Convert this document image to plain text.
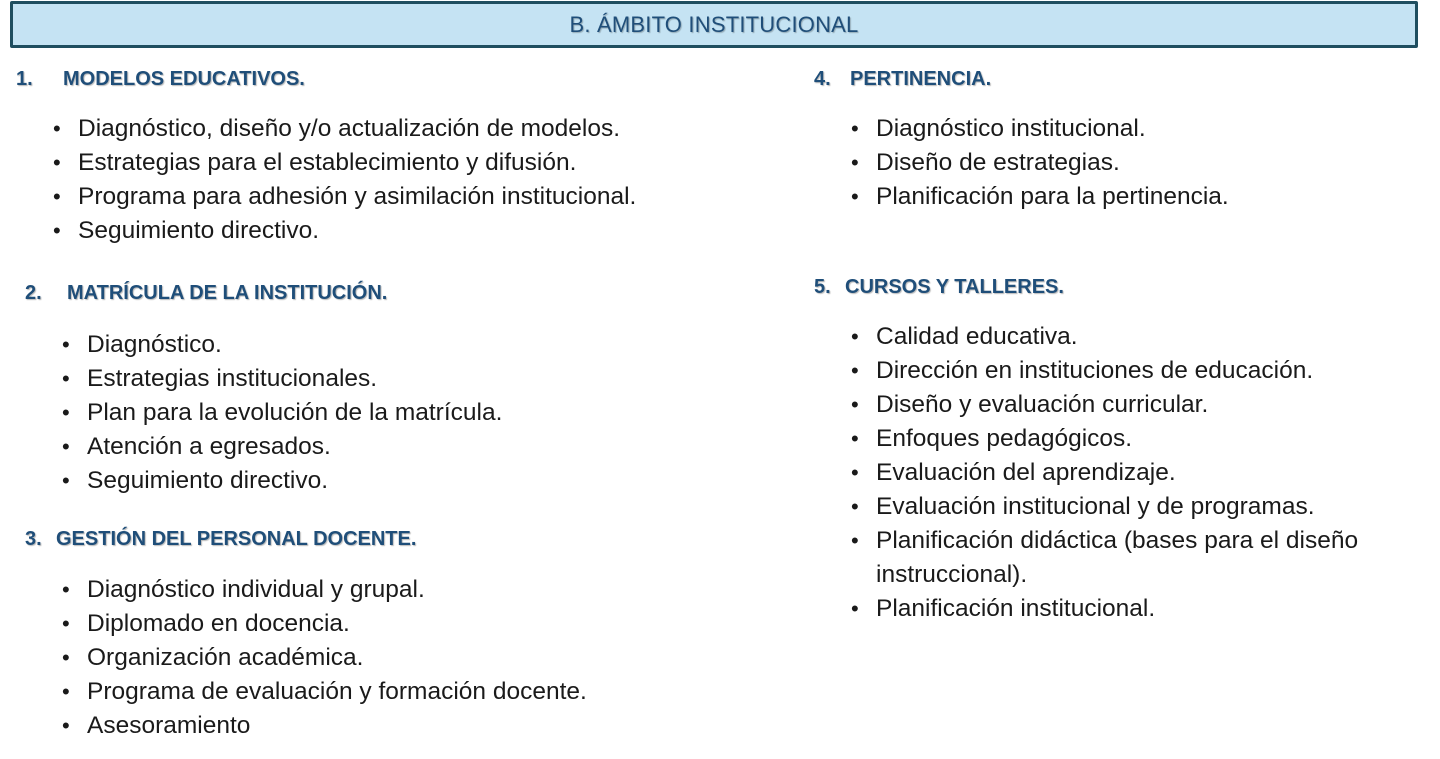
B. ÁMBITO INSTITUCIONAL
1. MODELOS EDUCATIVOS.
• Diagnóstico, diseño y/o actualización de modelos.
• Estrategias para el establecimiento y difusión.
• Programa para adhesión y asimilación institucional.
• Seguimiento directivo.
2. MATRÍCULA DE LA INSTITUCIÓN.
• Diagnóstico.
• Estrategias institucionales.
• Plan para la evolución de la matrícula.
• Atención a egresados.
• Seguimiento directivo.
3. GESTIÓN DEL PERSONAL DOCENTE.
• Diagnóstico individual y grupal.
• Diplomado en docencia.
• Organización académica.
• Programa de evaluación y formación docente.
• Asesoramiento
4. PERTINENCIA.
• Diagnóstico institucional.
• Diseño de estrategias.
• Planificación para la pertinencia.
5. CURSOS Y TALLERES.
• Calidad educativa.
• Dirección en instituciones de educación.
• Diseño y evaluación curricular.
• Enfoques pedagógicos.
• Evaluación del aprendizaje.
• Evaluación institucional y de programas.
• Planificación didáctica (bases para el diseño instruccional).
• Planificación institucional.
